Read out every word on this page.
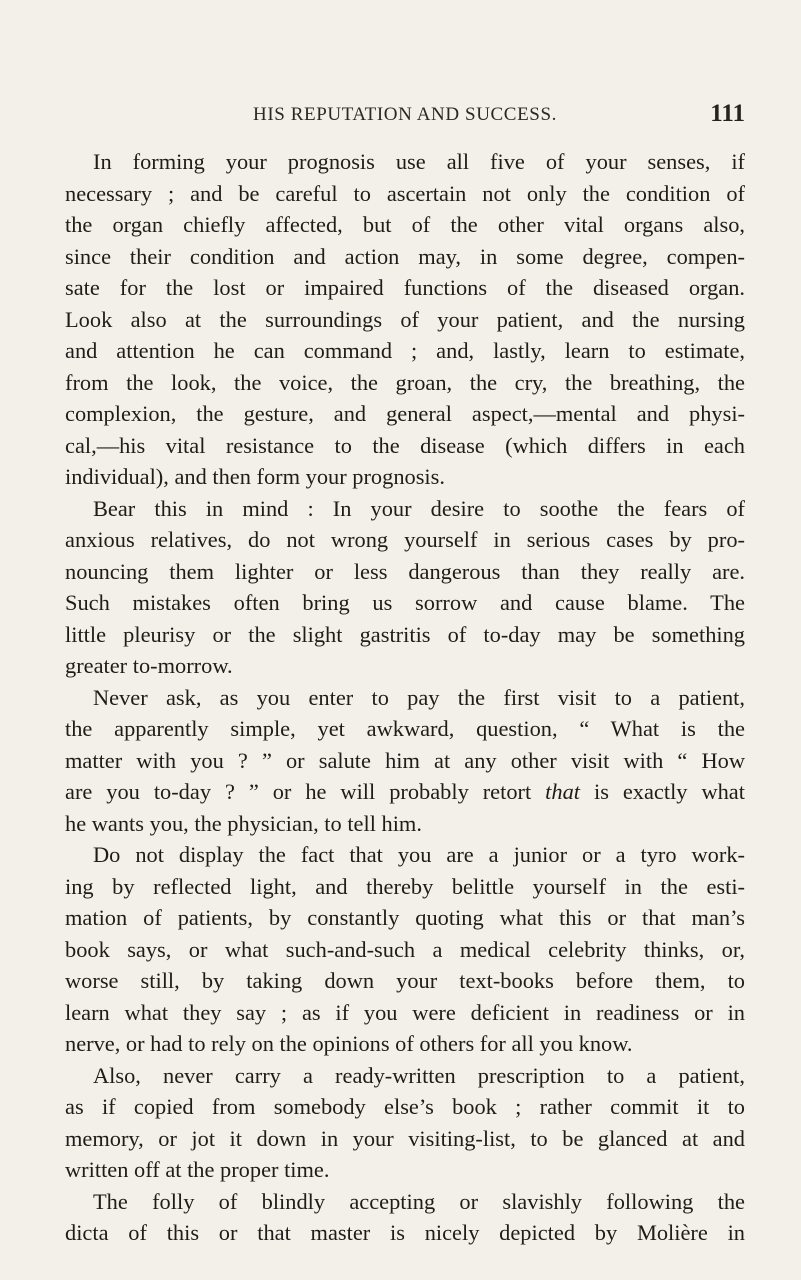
HIS REPUTATION AND SUCCESS.	111

In forming your prognosis use all five of your senses, if
necessary ; and be careful to ascertain not only the condition of
the organ chiefly affected, but of the other vital organs also,
since their condition and action may, in some degree, compen-
sate for the lost or impaired functions of the diseased organ.
Look also at the surroundings of your patient, and the nursing
and attention he can command ; and, lastly, learn to estimate,
from the look, the voice, the groan, the cry, the breathing, the
complexion, the gesture, and general aspect,—mental and physi-
cal,—his vital resistance to the disease (which differs in each
individual), and then form your prognosis.

Bear this in mind : In your desire to soothe the fears of
anxious relatives, do not wrong yourself in serious cases by pro-
nouncing them lighter or less dangerous than they really are.
Such mistakes often bring us sorrow and cause blame. The
little pleurisy or the slight gastritis of to-day may be something
greater to-morrow.

Never ask, as you enter to pay the first visit to a patient,
the apparently simple, yet awkward, question, “ What is the
matter with you ? ” or salute him at any other visit with “ How
are you to-day ? ” or he will probably retort that is exactly what
he wants you, the physician, to tell him.

Do not display the fact that you are a junior or a tyro work-
ing by reflected light, and thereby belittle yourself in the esti-
mation of patients, by constantly quoting what this or that man’s
book says, or what such-and-such a medical celebrity thinks, or,
worse still, by taking down your text-books before them, to
learn what they say ; as if you were deficient in readiness or in
nerve, or had to rely on the opinions of others for all you know.

Also, never carry a ready-written prescription to a patient,
as if copied from somebody else’s book ; rather commit it to
memory, or jot it down in your visiting-list, to be glanced at and
written off at the proper time.

The folly of blindly accepting or slavishly following the
dicta of this or that master is nicely depicted by Molière in
